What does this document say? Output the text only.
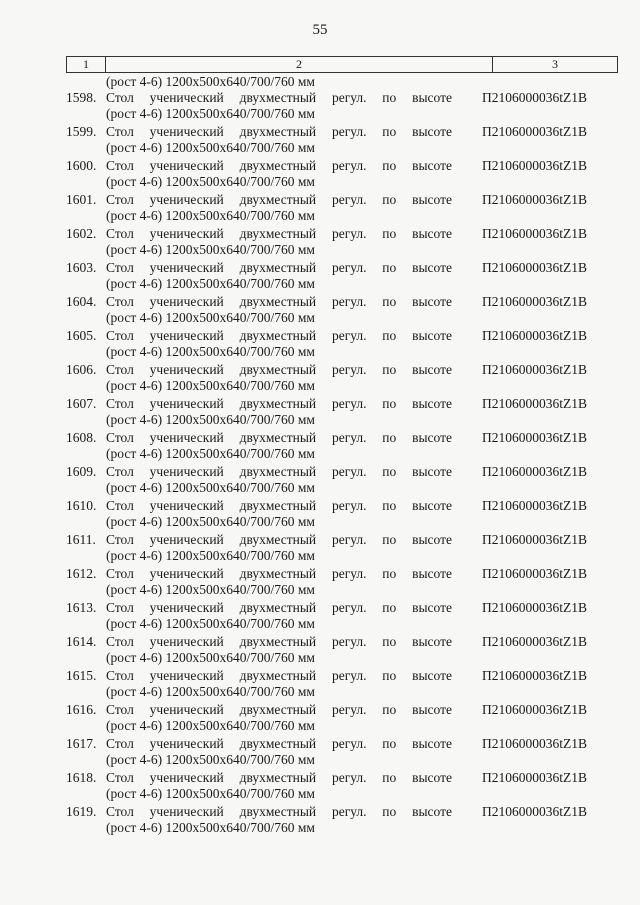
55
1	2	3
(рост 4-6) 1200x500x640/700/760 мм
1598. Стол ученический двухместный регул. по высоте
(рост 4-6) 1200x500x640/700/760 мм
П2106000036tZ1B
1599. Стол ученический двухместный регул. по высоте
(рост 4-6) 1200x500x640/700/760 мм
П2106000036tZ1B
1600. Стол ученический двухместный регул. по высоте
(рост 4-6) 1200x500x640/700/760 мм
П2106000036tZ1B
1601. Стол ученический двухместный регул. по высоте
(рост 4-6) 1200x500x640/700/760 мм
П2106000036tZ1B
1602. Стол ученический двухместный регул. по высоте
(рост 4-6) 1200x500x640/700/760 мм
П2106000036tZ1B
1603. Стол ученический двухместный регул. по высоте
(рост 4-6) 1200x500x640/700/760 мм
П2106000036tZ1B
1604. Стол ученический двухместный регул. по высоте
(рост 4-6) 1200x500x640/700/760 мм
П2106000036tZ1B
1605. Стол ученический двухместный регул. по высоте
(рост 4-6) 1200x500x640/700/760 мм
П2106000036tZ1B
1606. Стол ученический двухместный регул. по высоте
(рост 4-6) 1200x500x640/700/760 мм
П2106000036tZ1B
1607. Стол ученический двухместный регул. по высоте
(рост 4-6) 1200x500x640/700/760 мм
П2106000036tZ1B
1608. Стол ученический двухместный регул. по высоте
(рост 4-6) 1200x500x640/700/760 мм
П2106000036tZ1B
1609. Стол ученический двухместный регул. по высоте
(рост 4-6) 1200x500x640/700/760 мм
П2106000036tZ1B
1610. Стол ученический двухместный регул. по высоте
(рост 4-6) 1200x500x640/700/760 мм
П2106000036tZ1B
1611. Стол ученический двухместный регул. по высоте
(рост 4-6) 1200x500x640/700/760 мм
П2106000036tZ1B
1612. Стол ученический двухместный регул. по высоте
(рост 4-6) 1200x500x640/700/760 мм
П2106000036tZ1B
1613. Стол ученический двухместный регул. по высоте
(рост 4-6) 1200x500x640/700/760 мм
П2106000036tZ1B
1614. Стол ученический двухместный регул. по высоте
(рост 4-6) 1200x500x640/700/760 мм
П2106000036tZ1B
1615. Стол ученический двухместный регул. по высоте
(рост 4-6) 1200x500x640/700/760 мм
П2106000036tZ1B
1616. Стол ученический двухместный регул. по высоте
(рост 4-6) 1200x500x640/700/760 мм
П2106000036tZ1B
1617. Стол ученический двухместный регул. по высоте
(рост 4-6) 1200x500x640/700/760 мм
П2106000036tZ1B
1618. Стол ученический двухместный регул. по высоте
(рост 4-6) 1200x500x640/700/760 мм
П2106000036tZ1B
1619. Стол ученический двухместный регул. по высоте
(рост 4-6) 1200x500x640/700/760 мм
П2106000036tZ1B
